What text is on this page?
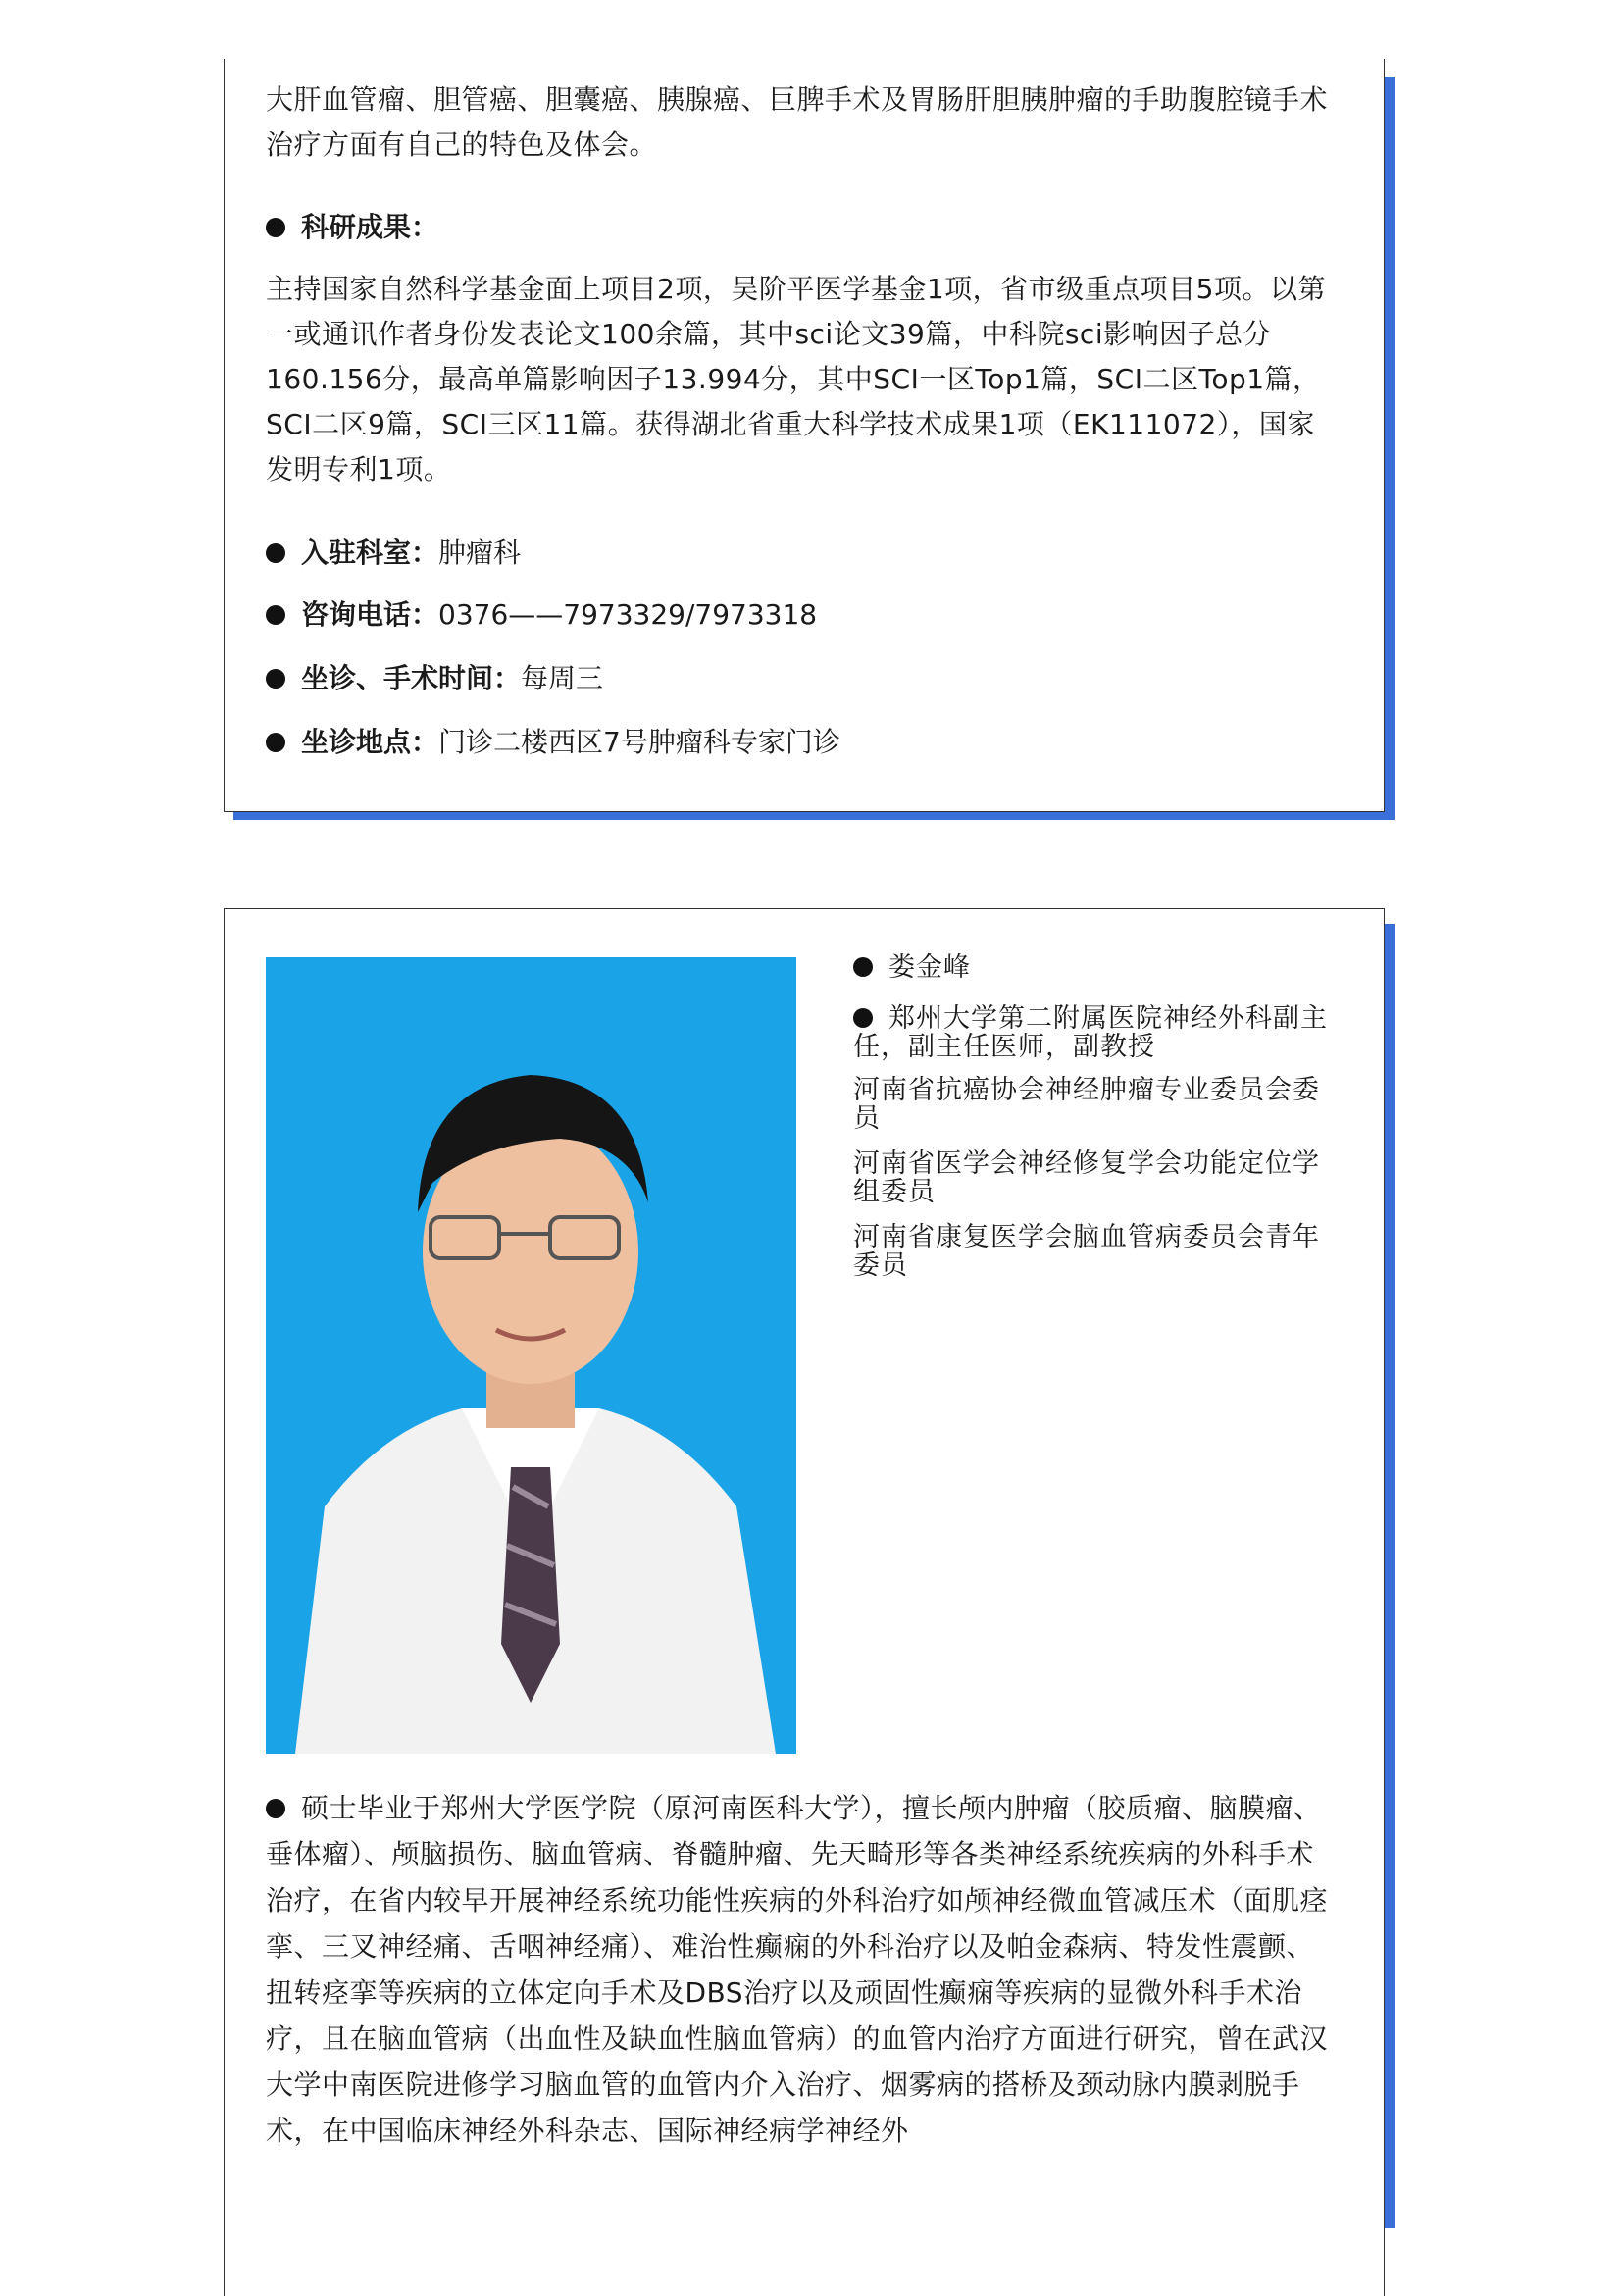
大肝血管瘤、胆管癌、胆囊癌、胰腺癌、巨脾手术及胃肠肝胆胰肿瘤的手助腹腔镜手术治疗方面有自己的特色及体会。

科研成果：

主持国家自然科学基金面上项目2项，吴阶平医学基金1项，省市级重点项目5项。以第一或通讯作者身份发表论文100余篇，其中sci论文39篇，中科院sci影响因子总分160.156分，最高单篇影响因子13.994分，其中SCI一区Top1篇，SCI二区Top1篇，SCI二区9篇，SCI三区11篇。获得湖北省重大科学技术成果1项（EK111072），国家发明专利1项。

入驻科室：肿瘤科
咨询电话：0376——7973329/7973318
坐诊、手术时间：每周三
坐诊地点：门诊二楼西区7号肿瘤科专家门诊
娄金峰
郑州大学第二附属医院神经外科副主任，副主任医师，副教授
河南省抗癌协会神经肿瘤专业委员会委员
河南省医学会神经修复学会功能定位学组委员
河南省康复医学会脑血管病委员会青年委员

硕士毕业于郑州大学医学院（原河南医科大学），擅长颅内肿瘤（胶质瘤、脑膜瘤、垂体瘤）、颅脑损伤、脑血管病、脊髓肿瘤、先天畸形等各类神经系统疾病的外科手术治疗，在省内较早开展神经系统功能性疾病的外科治疗如颅神经微血管减压术（面肌痉挛、三叉神经痛、舌咽神经痛）、难治性癫痫的外科治疗以及帕金森病、特发性震颤、扭转痉挛等疾病的立体定向手术及DBS治疗以及顽固性癫痫等疾病的显微外科手术治疗，且在脑血管病（出血性及缺血性脑血管病）的血管内治疗方面进行研究，曾在武汉大学中南医院进修学习脑血管的血管内介入治疗、烟雾病的搭桥及颈动脉内膜剥脱手术，在中国临床神经外科杂志、国际神经病学神经外
